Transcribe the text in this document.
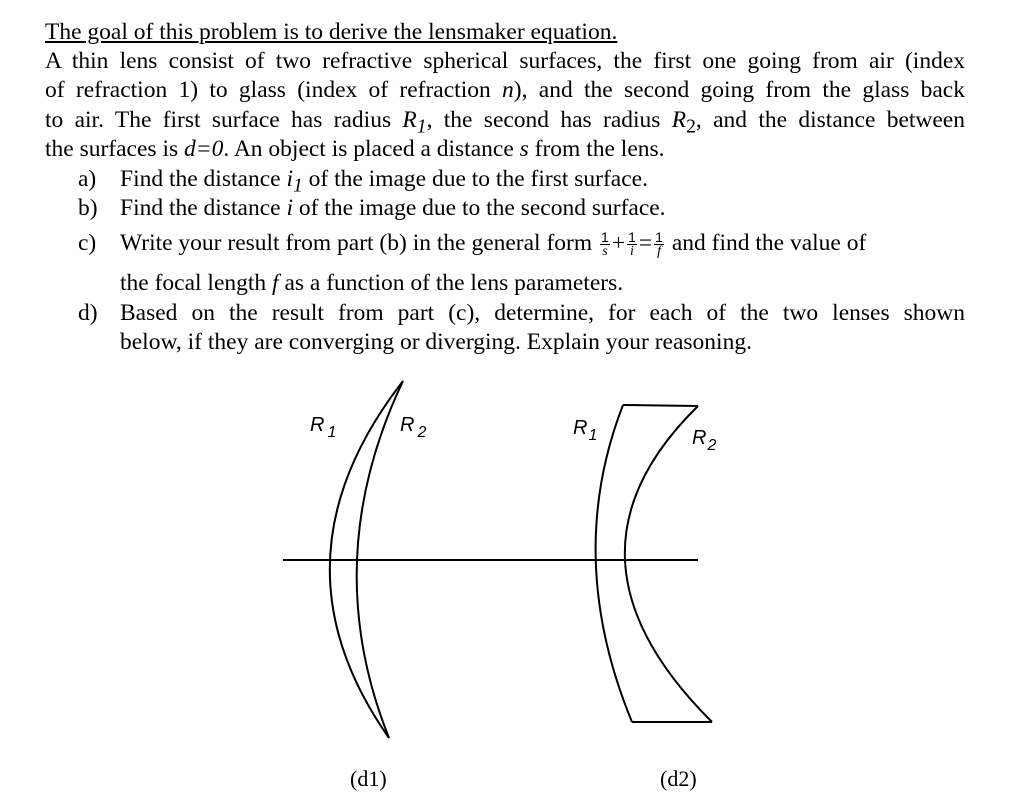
The goal of this problem is to derive the lensmaker equation.
A thin lens consist of two refractive spherical surfaces, the first one going from air (index
of refraction 1) to glass (index of refraction n), and the second going from the glass back
to air. The first surface has radius $R_1$, the second has radius $R_2$, and the distance between
the surfaces is d=0. An object is placed a distance s from the lens.
a) Find the distance $i_1$ of the image due to the first surface.
b) Find the distance i of the image due to the second surface.
c) Write your result from part (b) in the general form $\frac{1}{s} + \frac{1}{i} = \frac{1}{f}$ and find the value of
the focal length f as a function of the lens parameters.
d) Based on the result from part (c), determine, for each of the two lenses shown
below, if they are converging or diverging. Explain your reasoning.
R $_1$	R $_2$	$R_1$	$R_2$
(d1)	(d2)
